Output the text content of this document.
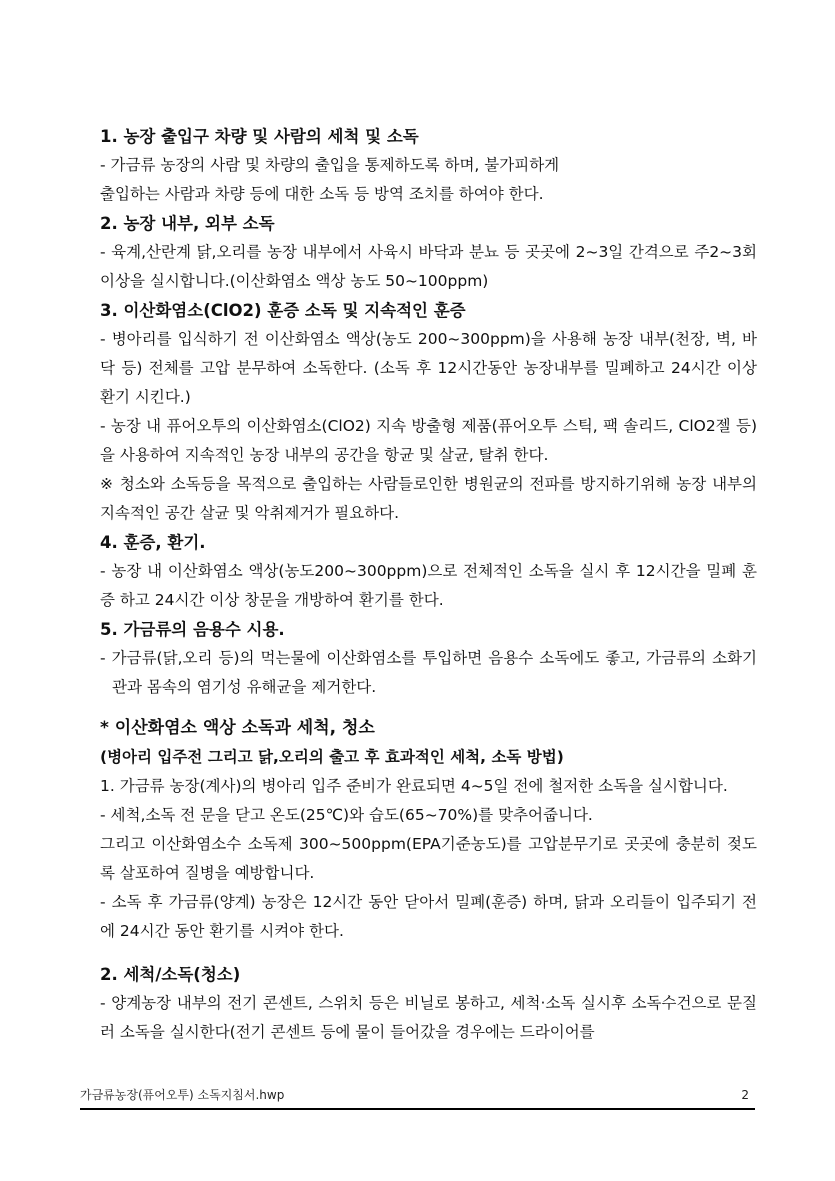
1. 농장 출입구 차량 및 사람의 세척 및 소독
- 가금류 농장의 사람 및 차량의 출입을 통제하도록 하며, 불가피하게
출입하는 사람과 차량 등에 대한 소독 등 방역 조치를 하여야 한다.
2. 농장 내부, 외부 소독
- 육계,산란계 닭,오리를 농장 내부에서 사육시 바닥과 분뇨 등 곳곳에 2~3일 간격으로 주2~3회 이상을 실시합니다.(이산화염소 액상 농도 50~100ppm)
3. 이산화염소(ClO2) 훈증 소독 및 지속적인 훈증
- 병아리를 입식하기 전 이산화염소 액상(농도 200~300ppm)을 사용해 농장 내부(천장, 벽, 바닥 등) 전체를 고압 분무하여 소독한다. (소독 후 12시간동안 농장내부를 밀폐하고 24시간 이상 환기 시킨다.)
- 농장 내 퓨어오투의 이산화염소(ClO2) 지속 방출형 제품(퓨어오투 스틱, 팩 솔리드, ClO2젤 등)을 사용하여 지속적인 농장 내부의 공간을 항균 및 살균, 탈취 한다.
※ 청소와 소독등을 목적으로 출입하는 사람들로인한 병원균의 전파를 방지하기위해 농장 내부의 지속적인 공간 살균 및 악취제거가 필요하다.
4. 훈증, 환기.
- 농장 내 이산화염소 액상(농도200~300ppm)으로 전체적인 소독을 실시 후 12시간을 밀폐 훈증 하고 24시간 이상 창문을 개방하여 환기를 한다.
5. 가금류의 음용수 시용.
- 가금류(닭,오리 등)의 먹는물에 이산화염소를 투입하면 음용수 소독에도 좋고, 가금류의 소화기관과 몸속의 염기성 유해균을 제거한다.
* 이산화염소 액상 소독과 세척, 청소
(병아리 입주전 그리고 닭,오리의 출고 후 효과적인 세척, 소독 방법)
1. 가금류 농장(계사)의 병아리 입주 준비가 완료되면 4~5일 전에 철저한 소독을 실시합니다.
- 세척,소독 전 문을 닫고 온도(25℃)와 습도(65~70%)를 맞추어줍니다.
그리고 이산화염소수 소독제 300~500ppm(EPA기준농도)를 고압분무기로 곳곳에 충분히 젖도록 살포하여 질병을 예방합니다.
- 소독 후 가금류(양계) 농장은 12시간 동안 닫아서 밀폐(훈증) 하며, 닭과 오리들이 입주되기 전에 24시간 동안 환기를 시켜야 한다.
2. 세척/소독(청소)
- 양계농장 내부의 전기 콘센트, 스위치 등은 비닐로 봉하고, 세척·소독 실시후 소독수건으로 문질러 소독을 실시한다(전기 콘센트 등에 물이 들어갔을 경우에는 드라이어를
가금류농장(퓨어오투) 소독지침서.hwp	2
